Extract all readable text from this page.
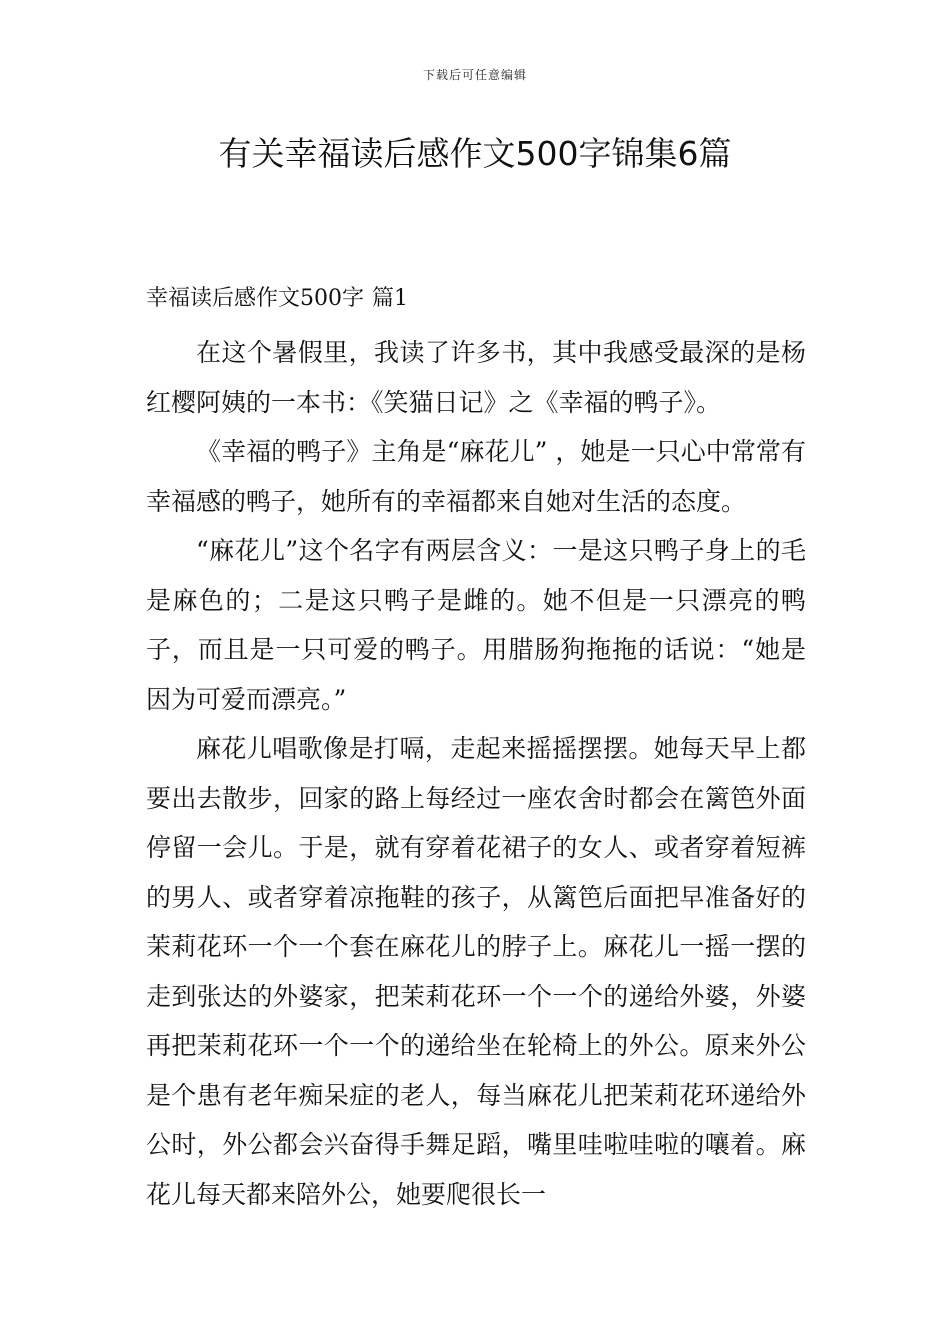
下载后可任意编辑
有关幸福读后感作文500字锦集6篇
幸福读后感作文500字 篇1

在这个暑假里，我读了许多书，其中我感受最深的是杨红樱阿姨的一本书：《笑猫日记》之《幸福的鸭子》。

《幸福的鸭子》主角是“麻花儿” ，她是一只心中常常有幸福感的鸭子，她所有的幸福都来自她对生活的态度。

“麻花儿”这个名字有两层含义：一是这只鸭子身上的毛是麻色的；二是这只鸭子是雌的。她不但是一只漂亮的鸭子，而且是一只可爱的鸭子。用腊肠狗拖拖的话说：“她是因为可爱而漂亮。”

麻花儿唱歌像是打嗝，走起来摇摇摆摆。她每天早上都要出去散步，回家的路上每经过一座农舍时都会在篱笆外面停留一会儿。于是，就有穿着花裙子的女人、或者穿着短裤的男人、或者穿着凉拖鞋的孩子，从篱笆后面把早准备好的茉莉花环一个一个套在麻花儿的脖子上。麻花儿一摇一摆的走到张达的外婆家，把茉莉花环一个一个的递给外婆，外婆再把茉莉花环一个一个的递给坐在轮椅上的外公。原来外公是个患有老年痴呆症的老人，每当麻花儿把茉莉花环递给外公时，外公都会兴奋得手舞足蹈，嘴里哇啦哇啦的嚷着。麻花儿每天都来陪外公，她要爬很长一
